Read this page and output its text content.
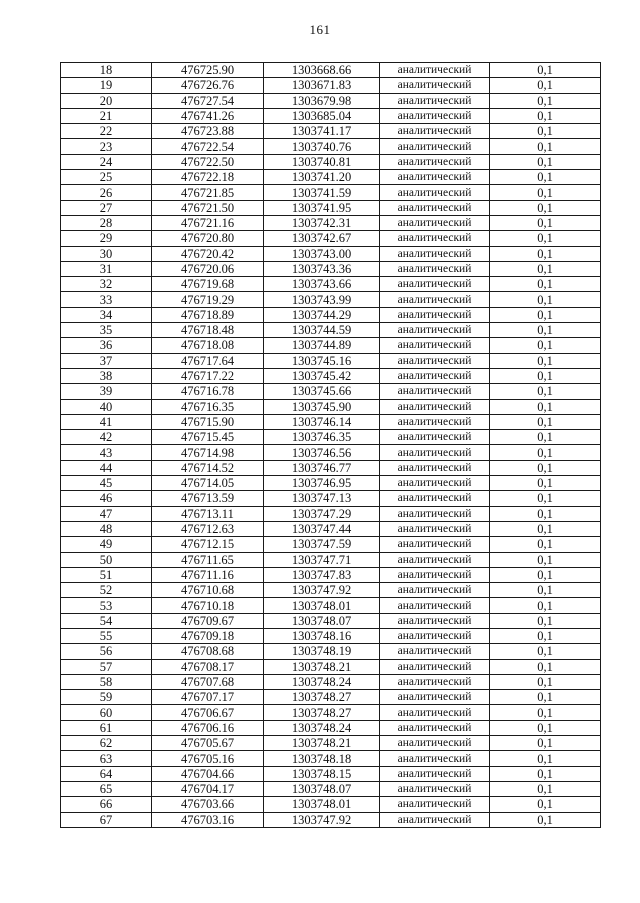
161
18	476725.90	1303668.66	аналитический	0,1
19	476726.76	1303671.83	аналитический	0,1
20	476727.54	1303679.98	аналитический	0,1
21	476741.26	1303685.04	аналитический	0,1
22	476723.88	1303741.17	аналитический	0,1
23	476722.54	1303740.76	аналитический	0,1
24	476722.50	1303740.81	аналитический	0,1
25	476722.18	1303741.20	аналитический	0,1
26	476721.85	1303741.59	аналитический	0,1
27	476721.50	1303741.95	аналитический	0,1
28	476721.16	1303742.31	аналитический	0,1
29	476720.80	1303742.67	аналитический	0,1
30	476720.42	1303743.00	аналитический	0,1
31	476720.06	1303743.36	аналитический	0,1
32	476719.68	1303743.66	аналитический	0,1
33	476719.29	1303743.99	аналитический	0,1
34	476718.89	1303744.29	аналитический	0,1
35	476718.48	1303744.59	аналитический	0,1
36	476718.08	1303744.89	аналитический	0,1
37	476717.64	1303745.16	аналитический	0,1
38	476717.22	1303745.42	аналитический	0,1
39	476716.78	1303745.66	аналитический	0,1
40	476716.35	1303745.90	аналитический	0,1
41	476715.90	1303746.14	аналитический	0,1
42	476715.45	1303746.35	аналитический	0,1
43	476714.98	1303746.56	аналитический	0,1
44	476714.52	1303746.77	аналитический	0,1
45	476714.05	1303746.95	аналитический	0,1
46	476713.59	1303747.13	аналитический	0,1
47	476713.11	1303747.29	аналитический	0,1
48	476712.63	1303747.44	аналитический	0,1
49	476712.15	1303747.59	аналитический	0,1
50	476711.65	1303747.71	аналитический	0,1
51	476711.16	1303747.83	аналитический	0,1
52	476710.68	1303747.92	аналитический	0,1
53	476710.18	1303748.01	аналитический	0,1
54	476709.67	1303748.07	аналитический	0,1
55	476709.18	1303748.16	аналитический	0,1
56	476708.68	1303748.19	аналитический	0,1
57	476708.17	1303748.21	аналитический	0,1
58	476707.68	1303748.24	аналитический	0,1
59	476707.17	1303748.27	аналитический	0,1
60	476706.67	1303748.27	аналитический	0,1
61	476706.16	1303748.24	аналитический	0,1
62	476705.67	1303748.21	аналитический	0,1
63	476705.16	1303748.18	аналитический	0,1
64	476704.66	1303748.15	аналитический	0,1
65	476704.17	1303748.07	аналитический	0,1
66	476703.66	1303748.01	аналитический	0,1
67	476703.16	1303747.92	аналитический	0,1
